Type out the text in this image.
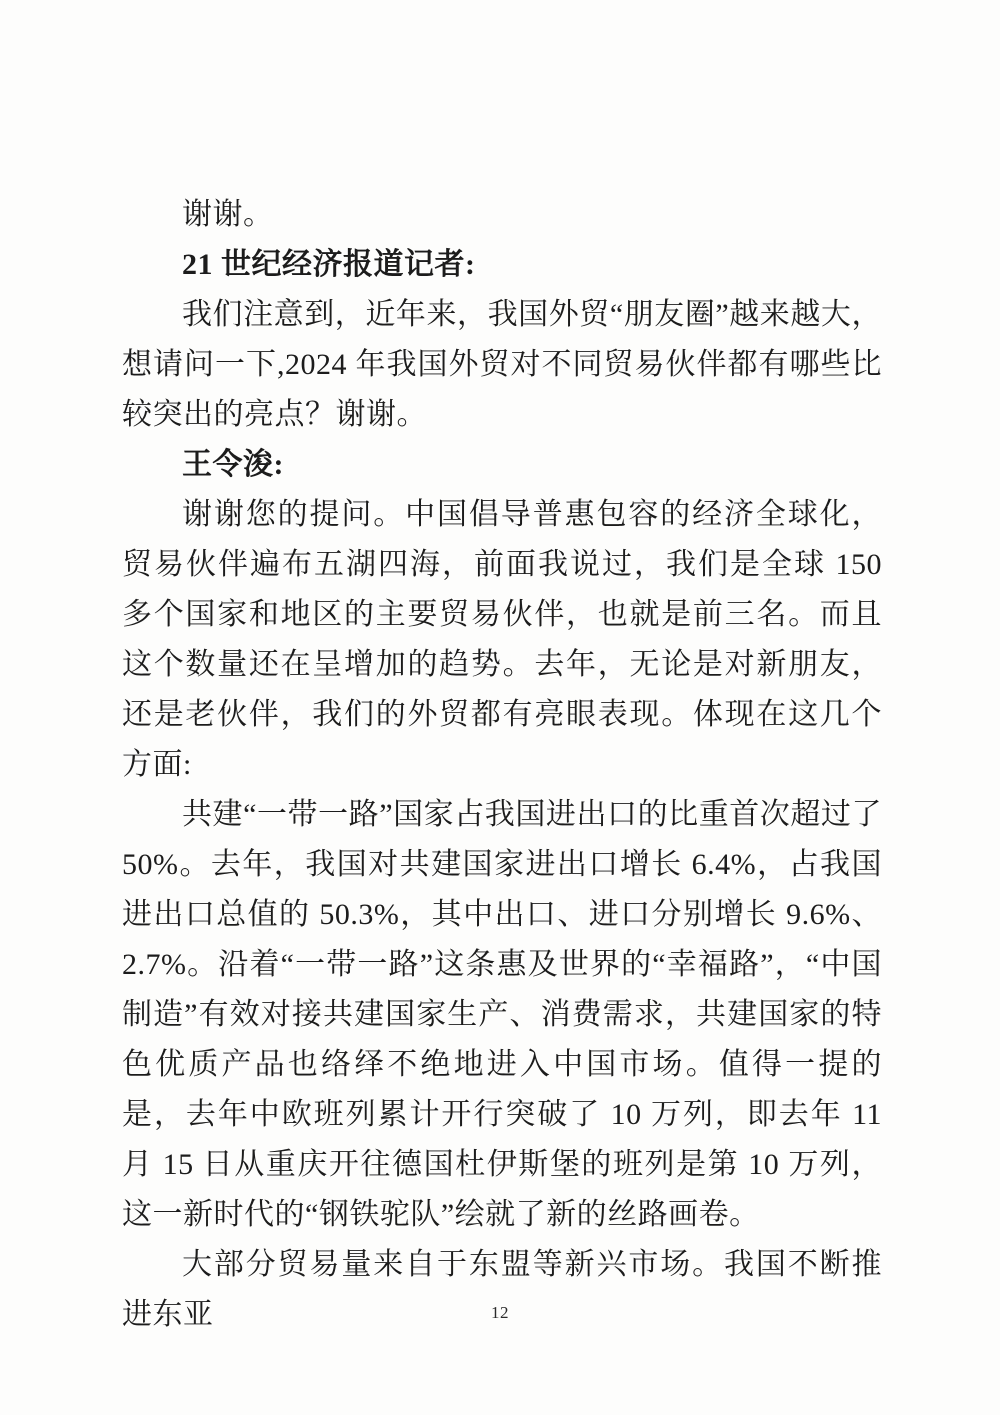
谢谢。

21 世纪经济报道记者:

我们注意到，近年来，我国外贸“朋友圈”越来越大，想请问一下,2024 年我国外贸对不同贸易伙伴都有哪些比较突出的亮点？谢谢。

王令浚:

谢谢您的提问。中国倡导普惠包容的经济全球化，贸易伙伴遍布五湖四海，前面我说过，我们是全球 150 多个国家和地区的主要贸易伙伴，也就是前三名。而且这个数量还在呈增加的趋势。去年，无论是对新朋友，还是老伙伴，我们的外贸都有亮眼表现。体现在这几个方面:

共建“一带一路”国家占我国进出口的比重首次超过了 50%。去年，我国对共建国家进出口增长 6.4%，占我国进出口总值的 50.3%，其中出口、进口分别增长 9.6%、2.7%。沿着“一带一路”这条惠及世界的“幸福路”，“中国制造”有效对接共建国家生产、消费需求，共建国家的特色优质产品也络绎不绝地进入中国市场。值得一提的是，去年中欧班列累计开行突破了 10 万列，即去年 11 月 15 日从重庆开往德国杜伊斯堡的班列是第 10 万列，这一新时代的“钢铁驼队”绘就了新的丝路画卷。

大部分贸易量来自于东盟等新兴市场。我国不断推进东亚	12
